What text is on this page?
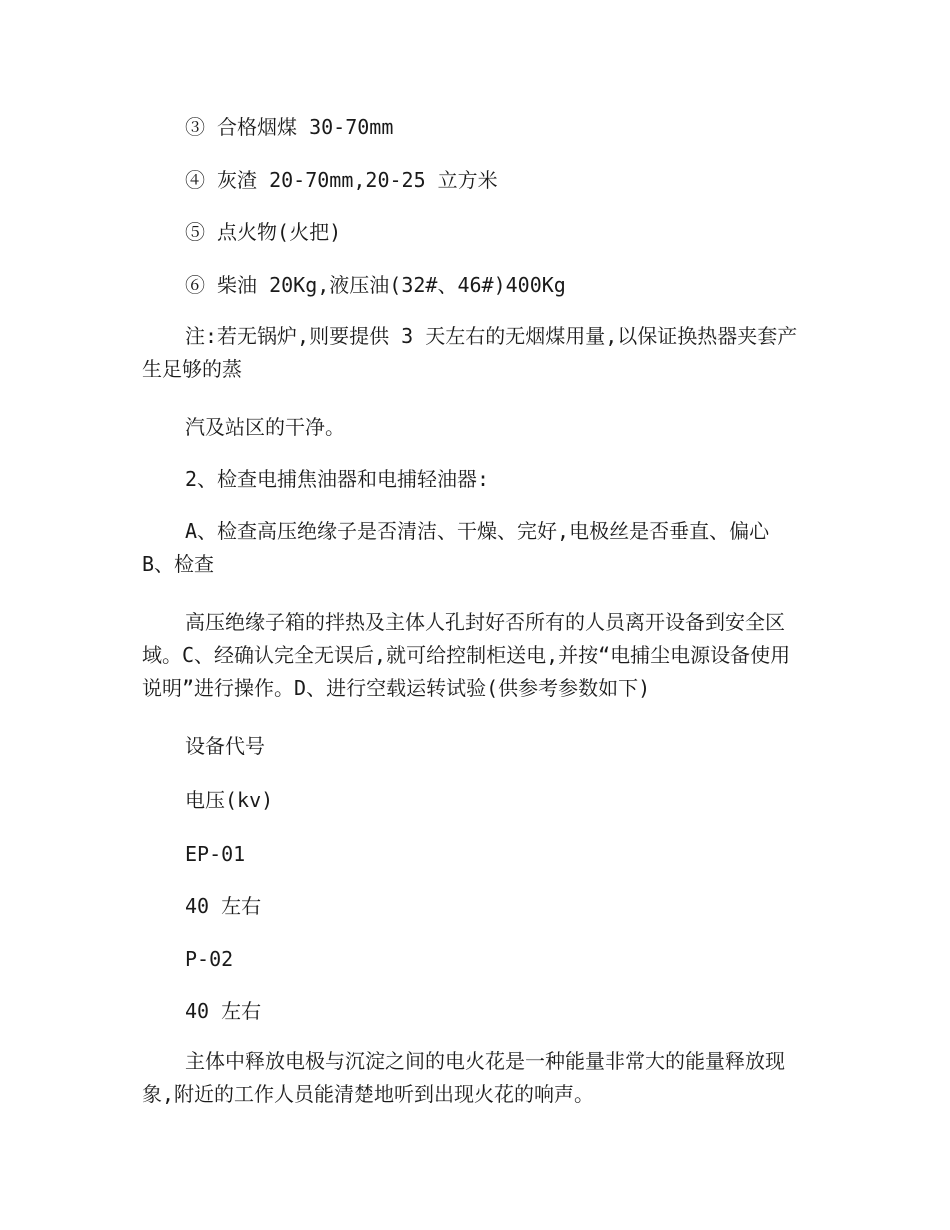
③ 合格烟煤 30-70mm

④ 灰渣 20-70mm,20-25 立方米

⑤ 点火物(火把)

⑥ 柴油 20Kg,液压油(32#、46#)400Kg

注:若无锅炉,则要提供 3 天左右的无烟煤用量,以保证换热器夹套产生足够的蒸

汽及站区的干净。

2、检查电捕焦油器和电捕轻油器:

A、检查高压绝缘子是否清洁、干燥、完好,电极丝是否垂直、偏心 B、检查

高压绝缘子箱的拌热及主体人孔封好否所有的人员离开设备到安全区域。C、经确认完全无误后,就可给控制柜送电,并按“电捕尘电源设备使用说明”进行操作。D、进行空载运转试验(供参考参数如下)

设备代号

电压(kv)

EP-01

40 左右

P-02

40 左右

主体中释放电极与沉淀之间的电火花是一种能量非常大的能量释放现象,附近的工作人员能清楚地听到出现火花的响声。
